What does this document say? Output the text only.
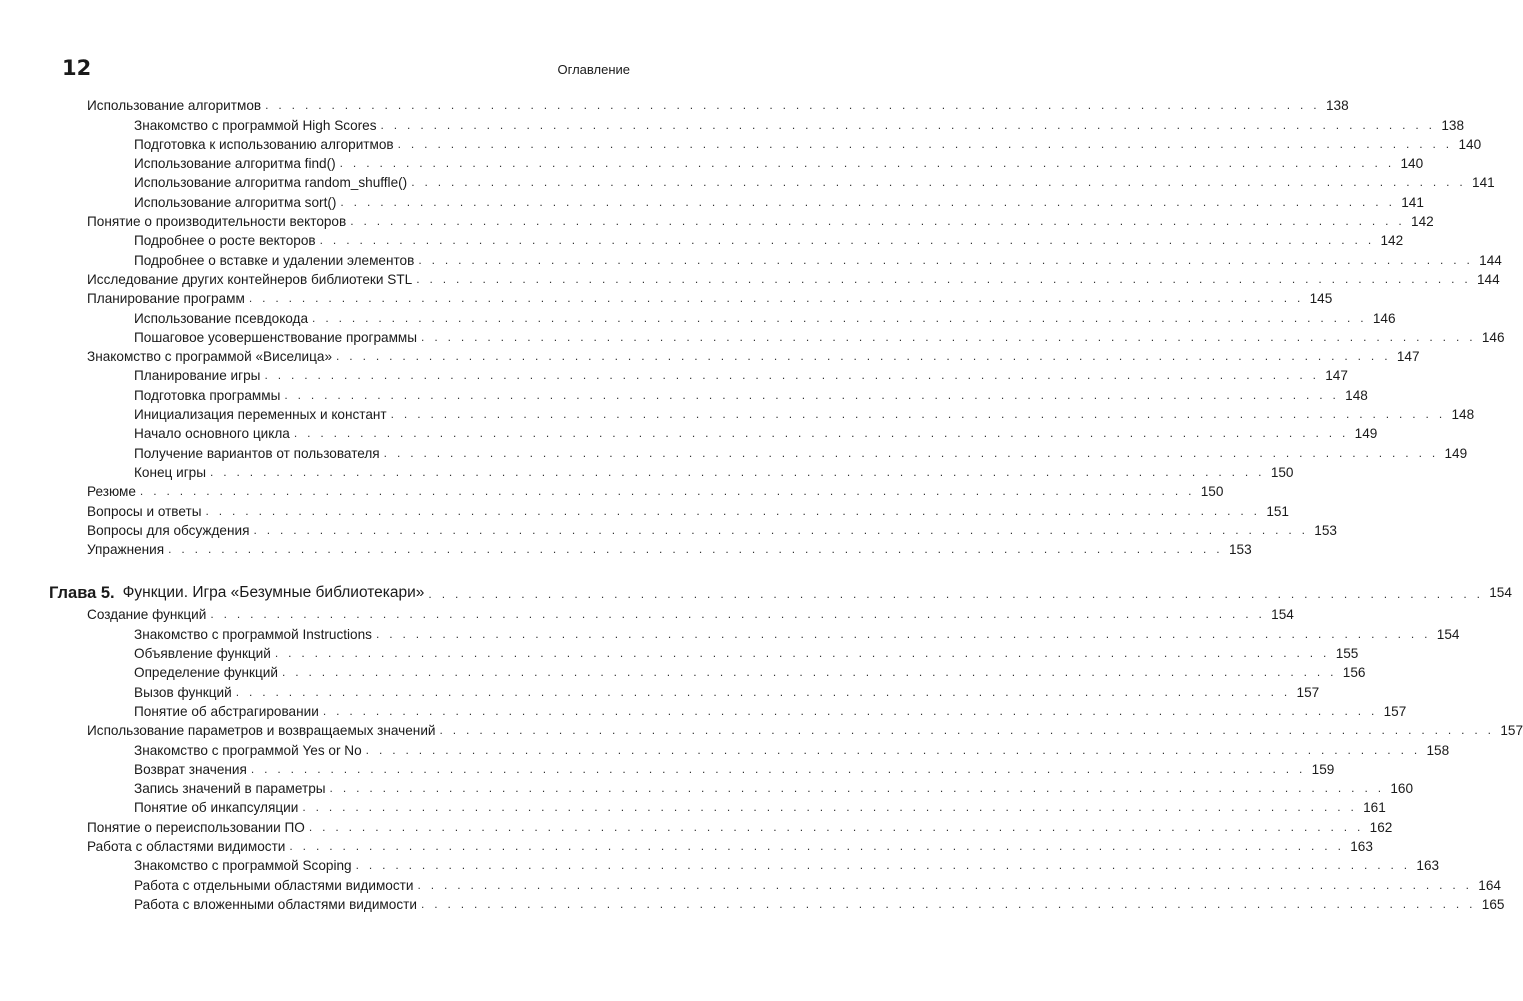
12	Оглавление
Использование алгоритмов . . . . . . . . . . . . . . . . . . . . . . . . . . . . . . . . . . . . . . . . . . . . . . . . . . . . . . . . . . . . . . . . . . . . . . . . . . . . . . . . 138
Знакомство с программой High Scores . . . . . . . . . . . . . . . . . . . . . . . . . . . . . . . . . . . . . . . . . . . . . . . . . . . . . . . . . . . . . . . . . . . . . . . . . . . . . . . . 138
Подготовка к использованию алгоритмов . . . . . . . . . . . . . . . . . . . . . . . . . . . . . . . . . . . . . . . . . . . . . . . . . . . . . . . . . . . . . . . . . . . . . . . . . . . . . . . . 140
Использование алгоритма find() . . . . . . . . . . . . . . . . . . . . . . . . . . . . . . . . . . . . . . . . . . . . . . . . . . . . . . . . . . . . . . . . . . . . . . . . . . . . . . . . 140
Использование алгоритма random_shuffle() . . . . . . . . . . . . . . . . . . . . . . . . . . . . . . . . . . . . . . . . . . . . . . . . . . . . . . . . . . . . . . . . . . . . . . . . . . . . . . . . 141
Использование алгоритма sort() . . . . . . . . . . . . . . . . . . . . . . . . . . . . . . . . . . . . . . . . . . . . . . . . . . . . . . . . . . . . . . . . . . . . . . . . . . . . . . . . 141
Понятие о производительности векторов . . . . . . . . . . . . . . . . . . . . . . . . . . . . . . . . . . . . . . . . . . . . . . . . . . . . . . . . . . . . . . . . . . . . . . . . . . . . . . . . 142
Подробнее о росте векторов . . . . . . . . . . . . . . . . . . . . . . . . . . . . . . . . . . . . . . . . . . . . . . . . . . . . . . . . . . . . . . . . . . . . . . . . . . . . . . . . 142
Подробнее о вставке и удалении элементов . . . . . . . . . . . . . . . . . . . . . . . . . . . . . . . . . . . . . . . . . . . . . . . . . . . . . . . . . . . . . . . . . . . . . . . . . . . . . . . . 144
Исследование других контейнеров библиотеки STL . . . . . . . . . . . . . . . . . . . . . . . . . . . . . . . . . . . . . . . . . . . . . . . . . . . . . . . . . . . . . . . . . . . . . . . . . . . . . . . . 144
Планирование программ . . . . . . . . . . . . . . . . . . . . . . . . . . . . . . . . . . . . . . . . . . . . . . . . . . . . . . . . . . . . . . . . . . . . . . . . . . . . . . . . 145
Использование псевдокода . . . . . . . . . . . . . . . . . . . . . . . . . . . . . . . . . . . . . . . . . . . . . . . . . . . . . . . . . . . . . . . . . . . . . . . . . . . . . . . . 146
Пошаговое усовершенствование программы . . . . . . . . . . . . . . . . . . . . . . . . . . . . . . . . . . . . . . . . . . . . . . . . . . . . . . . . . . . . . . . . . . . . . . . . . . . . . . . . 146
Знакомство с программой «Виселица» . . . . . . . . . . . . . . . . . . . . . . . . . . . . . . . . . . . . . . . . . . . . . . . . . . . . . . . . . . . . . . . . . . . . . . . . . . . . . . . . 147
Планирование игры . . . . . . . . . . . . . . . . . . . . . . . . . . . . . . . . . . . . . . . . . . . . . . . . . . . . . . . . . . . . . . . . . . . . . . . . . . . . . . . . 147
Подготовка программы . . . . . . . . . . . . . . . . . . . . . . . . . . . . . . . . . . . . . . . . . . . . . . . . . . . . . . . . . . . . . . . . . . . . . . . . . . . . . . . . 148
Инициализация переменных и констант . . . . . . . . . . . . . . . . . . . . . . . . . . . . . . . . . . . . . . . . . . . . . . . . . . . . . . . . . . . . . . . . . . . . . . . . . . . . . . . . 148
Начало основного цикла . . . . . . . . . . . . . . . . . . . . . . . . . . . . . . . . . . . . . . . . . . . . . . . . . . . . . . . . . . . . . . . . . . . . . . . . . . . . . . . . 149
Получение вариантов от пользователя . . . . . . . . . . . . . . . . . . . . . . . . . . . . . . . . . . . . . . . . . . . . . . . . . . . . . . . . . . . . . . . . . . . . . . . . . . . . . . . . 149
Конец игры . . . . . . . . . . . . . . . . . . . . . . . . . . . . . . . . . . . . . . . . . . . . . . . . . . . . . . . . . . . . . . . . . . . . . . . . . . . . . . . . 150
Резюме . . . . . . . . . . . . . . . . . . . . . . . . . . . . . . . . . . . . . . . . . . . . . . . . . . . . . . . . . . . . . . . . . . . . . . . . . . . . . . . . 150
Вопросы и ответы . . . . . . . . . . . . . . . . . . . . . . . . . . . . . . . . . . . . . . . . . . . . . . . . . . . . . . . . . . . . . . . . . . . . . . . . . . . . . . . . 151
Вопросы для обсуждения . . . . . . . . . . . . . . . . . . . . . . . . . . . . . . . . . . . . . . . . . . . . . . . . . . . . . . . . . . . . . . . . . . . . . . . . . . . . . . . . 153
Упражнения . . . . . . . . . . . . . . . . . . . . . . . . . . . . . . . . . . . . . . . . . . . . . . . . . . . . . . . . . . . . . . . . . . . . . . . . . . . . . . . . 153
Глава 5. Функции. Игра «Безумные библиотекари» . . . . . . . . . . . . . . . . . . . . . . . . . . . . . . . . . . . . . . . . . . . . . . . . . . . . . . . . . . . . . . . . . . . . . . . . . . . . . . . . 154
Создание функций . . . . . . . . . . . . . . . . . . . . . . . . . . . . . . . . . . . . . . . . . . . . . . . . . . . . . . . . . . . . . . . . . . . . . . . . . . . . . . . . 154
Знакомство с программой Instructions . . . . . . . . . . . . . . . . . . . . . . . . . . . . . . . . . . . . . . . . . . . . . . . . . . . . . . . . . . . . . . . . . . . . . . . . . . . . . . . . 154
Объявление функций . . . . . . . . . . . . . . . . . . . . . . . . . . . . . . . . . . . . . . . . . . . . . . . . . . . . . . . . . . . . . . . . . . . . . . . . . . . . . . . . 155
Определение функций . . . . . . . . . . . . . . . . . . . . . . . . . . . . . . . . . . . . . . . . . . . . . . . . . . . . . . . . . . . . . . . . . . . . . . . . . . . . . . . . 156
Вызов функций . . . . . . . . . . . . . . . . . . . . . . . . . . . . . . . . . . . . . . . . . . . . . . . . . . . . . . . . . . . . . . . . . . . . . . . . . . . . . . . . 157
Понятие об абстрагировании . . . . . . . . . . . . . . . . . . . . . . . . . . . . . . . . . . . . . . . . . . . . . . . . . . . . . . . . . . . . . . . . . . . . . . . . . . . . . . . . 157
Использование параметров и возвращаемых значений . . . . . . . . . . . . . . . . . . . . . . . . . . . . . . . . . . . . . . . . . . . . . . . . . . . . . . . . . . . . . . . . . . . . . . . . . . . . . . . . 157
Знакомство с программой Yes or No . . . . . . . . . . . . . . . . . . . . . . . . . . . . . . . . . . . . . . . . . . . . . . . . . . . . . . . . . . . . . . . . . . . . . . . . . . . . . . . . 158
Возврат значения . . . . . . . . . . . . . . . . . . . . . . . . . . . . . . . . . . . . . . . . . . . . . . . . . . . . . . . . . . . . . . . . . . . . . . . . . . . . . . . . 159
Запись значений в параметры . . . . . . . . . . . . . . . . . . . . . . . . . . . . . . . . . . . . . . . . . . . . . . . . . . . . . . . . . . . . . . . . . . . . . . . . . . . . . . . . 160
Понятие об инкапсуляции . . . . . . . . . . . . . . . . . . . . . . . . . . . . . . . . . . . . . . . . . . . . . . . . . . . . . . . . . . . . . . . . . . . . . . . . . . . . . . . . 161
Понятие о переиспользовании ПО . . . . . . . . . . . . . . . . . . . . . . . . . . . . . . . . . . . . . . . . . . . . . . . . . . . . . . . . . . . . . . . . . . . . . . . . . . . . . . . . 162
Работа с областями видимости . . . . . . . . . . . . . . . . . . . . . . . . . . . . . . . . . . . . . . . . . . . . . . . . . . . . . . . . . . . . . . . . . . . . . . . . . . . . . . . . 163
Знакомство с программой Scoping . . . . . . . . . . . . . . . . . . . . . . . . . . . . . . . . . . . . . . . . . . . . . . . . . . . . . . . . . . . . . . . . . . . . . . . . . . . . . . . . 163
Работа с отдельными областями видимости . . . . . . . . . . . . . . . . . . . . . . . . . . . . . . . . . . . . . . . . . . . . . . . . . . . . . . . . . . . . . . . . . . . . . . . . . . . . . . . . 164
Работа с вложенными областями видимости . . . . . . . . . . . . . . . . . . . . . . . . . . . . . . . . . . . . . . . . . . . . . . . . . . . . . . . . . . . . . . . . . . . . . . . . . . . . . . . . 165
